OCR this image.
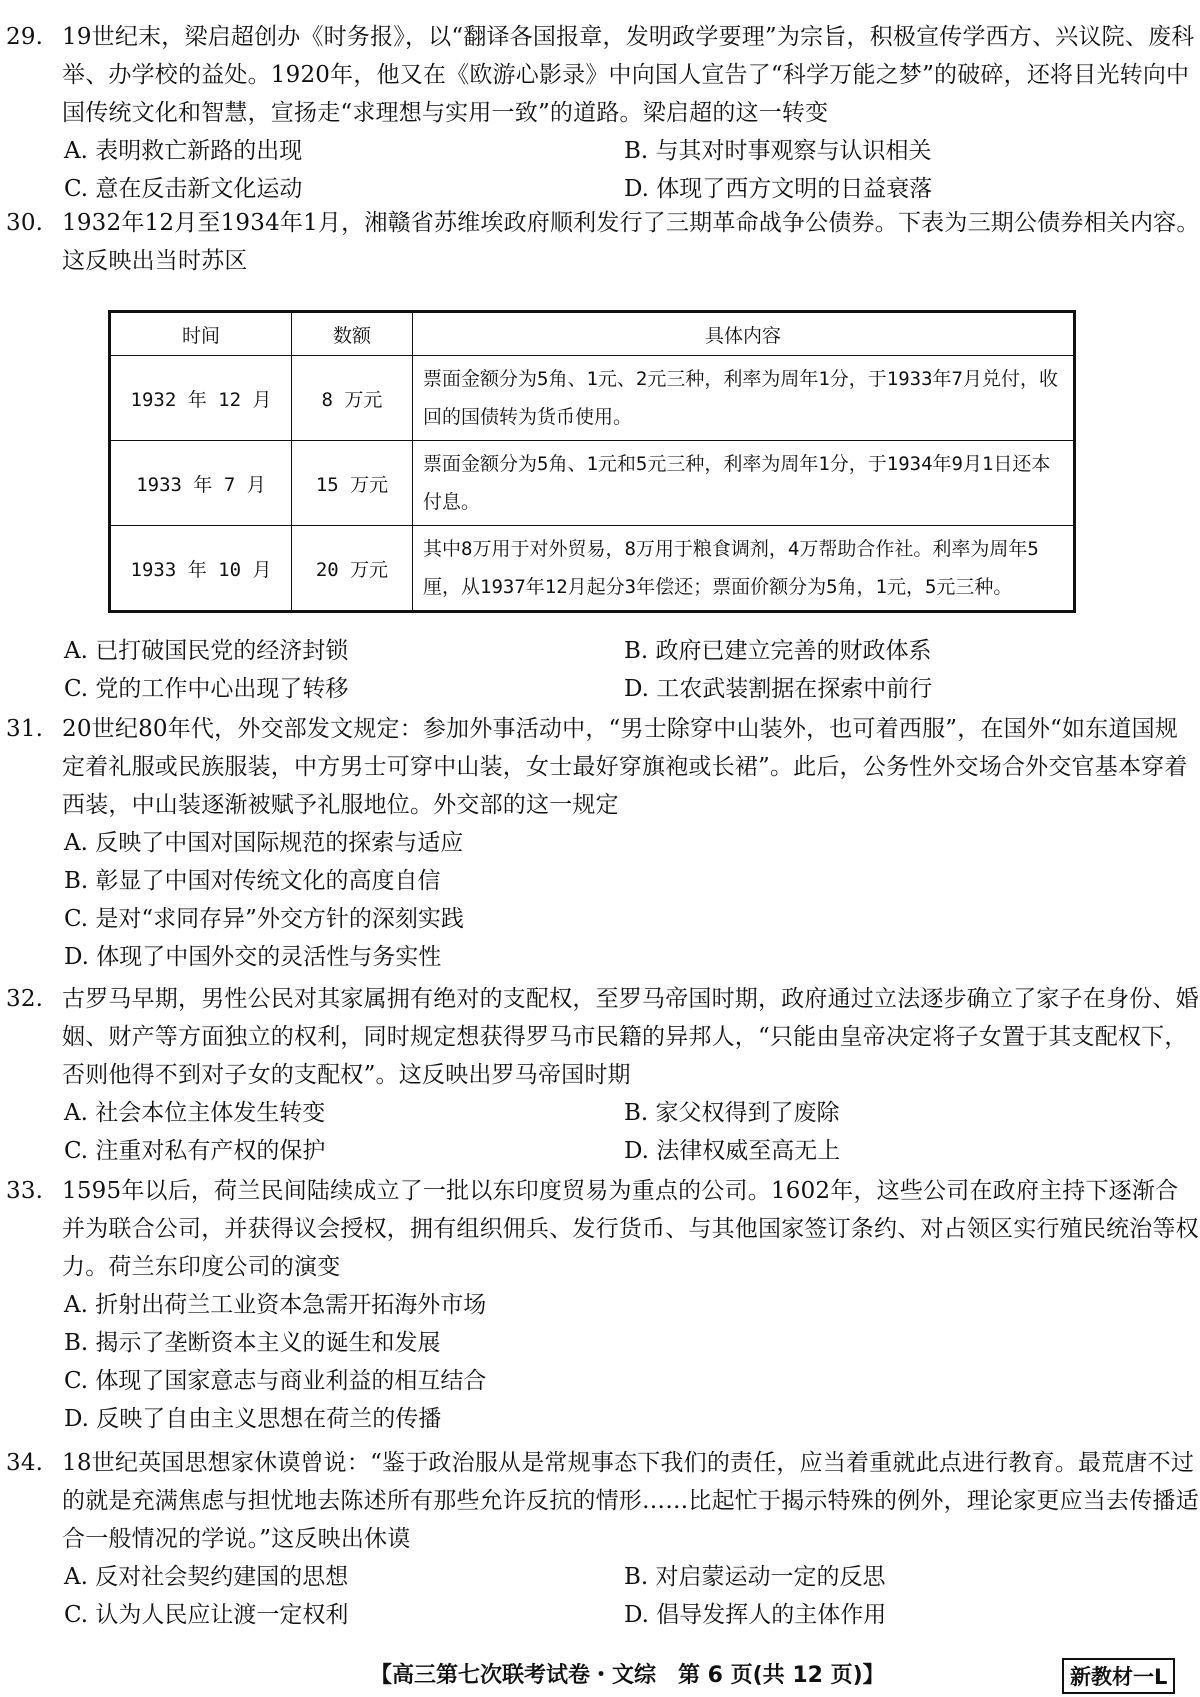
29. 19世纪末，梁启超创办《时务报》，以“翻译各国报章，发明政学要理”为宗旨，积极宣传学西方、兴议院、废科举、办学校的益处。1920年，他又在《欧游心影录》中向国人宣告了“科学万能之梦”的破碎，还将目光转向中国传统文化和智慧，宣扬走“求理想与实用一致”的道路。梁启超的这一转变
A. 表明救亡新路的出现	B. 与其对时事观察与认识相关
C. 意在反击新文化运动	D. 体现了西方文明的日益衰落
30. 1932年12月至1934年1月，湘赣省苏维埃政府顺利发行了三期革命战争公债券。下表为三期公债券相关内容。这反映出当时苏区
时间	数额	具体内容
1932 年 12 月	8 万元	票面金额分为5角、1元、2元三种，利率为周年1分，于1933年7月兑付，收回的国债转为货币使用。
1933 年 7 月	15 万元	票面金额分为5角、1元和5元三种，利率为周年1分，于1934年9月1日还本付息。
1933 年 10 月	20 万元	其中8万用于对外贸易，8万用于粮食调剂，4万帮助合作社。利率为周年5厘，从1937年12月起分3年偿还；票面价额分为5角，1元，5元三种。
A. 已打破国民党的经济封锁	B. 政府已建立完善的财政体系
C. 党的工作中心出现了转移	D. 工农武装割据在探索中前行
31. 20世纪80年代，外交部发文规定：参加外事活动中，“男士除穿中山装外，也可着西服”，在国外“如东道国规定着礼服或民族服装，中方男士可穿中山装，女士最好穿旗袍或长裙”。此后，公务性外交场合外交官基本穿着西装，中山装逐渐被赋予礼服地位。外交部的这一规定
A. 反映了中国对国际规范的探索与适应
B. 彰显了中国对传统文化的高度自信
C. 是对“求同存异”外交方针的深刻实践
D. 体现了中国外交的灵活性与务实性
32. 古罗马早期，男性公民对其家属拥有绝对的支配权，至罗马帝国时期，政府通过立法逐步确立了家子在身份、婚姻、财产等方面独立的权利，同时规定想获得罗马市民籍的异邦人，“只能由皇帝决定将子女置于其支配权下，否则他得不到对子女的支配权”。这反映出罗马帝国时期
A. 社会本位主体发生转变	B. 家父权得到了废除
C. 注重对私有产权的保护	D. 法律权威至高无上
33. 1595年以后，荷兰民间陆续成立了一批以东印度贸易为重点的公司。1602年，这些公司在政府主持下逐渐合并为联合公司，并获得议会授权，拥有组织佣兵、发行货币、与其他国家签订条约、对占领区实行殖民统治等权力。荷兰东印度公司的演变
A. 折射出荷兰工业资本急需开拓海外市场
B. 揭示了垄断资本主义的诞生和发展
C. 体现了国家意志与商业利益的相互结合
D. 反映了自由主义思想在荷兰的传播
34. 18世纪英国思想家休谟曾说：“鉴于政治服从是常规事态下我们的责任，应当着重就此点进行教育。最荒唐不过的就是充满焦虑与担忧地去陈述所有那些允许反抗的情形……比起忙于揭示特殊的例外，理论家更应当去传播适合一般情况的学说。”这反映出休谟
A. 反对社会契约建国的思想	B. 对启蒙运动一定的反思
C. 认为人民应让渡一定权利	D. 倡导发挥人的主体作用
【高三第七次联考试卷・文综　第 6 页(共 12 页)】	新教材一L
